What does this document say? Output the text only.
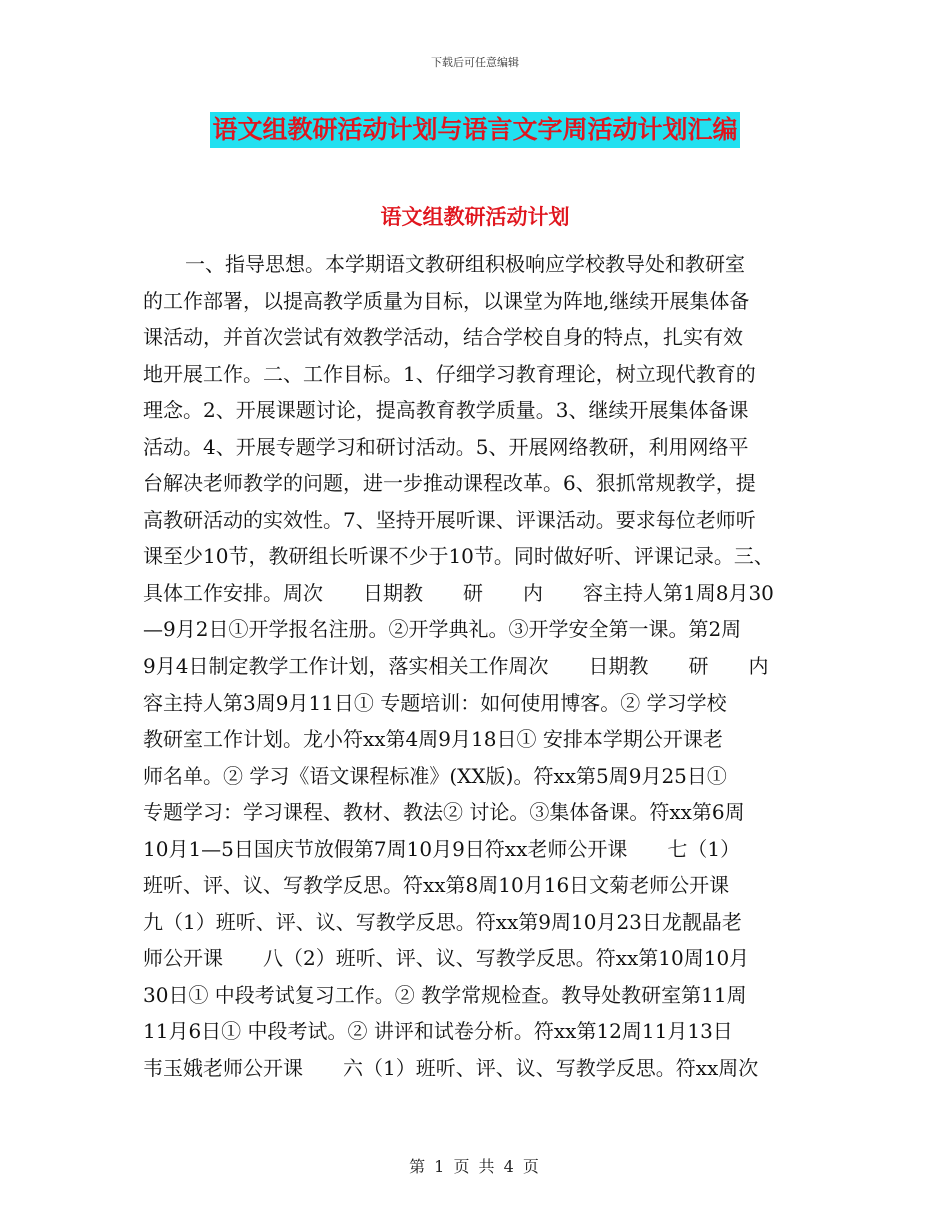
下载后可任意编辑
语文组教研活动计划与语言文字周活动计划汇编
语文组教研活动计划
一、指导思想。本学期语文教研组积极响应学校教导处和教研室
的工作部署，以提高教学质量为目标，以课堂为阵地,继续开展集体备
课活动，并首次尝试有效教学活动，结合学校自身的特点，扎实有效
地开展工作。二、工作目标。1、仔细学习教育理论，树立现代教育的
理念。2、开展课题讨论，提高教育教学质量。3、继续开展集体备课
活动。4、开展专题学习和研讨活动。5、开展网络教研，利用网络平
台解决老师教学的问题，进一步推动课程改革。6、狠抓常规教学，提
高教研活动的实效性。7、坚持开展听课、评课活动。要求每位老师听
课至少10节，教研组长听课不少于10节。同时做好听、评课记录。三、
具体工作安排。周次　　日期教　　研　　内　　容主持人第1周8月30
—9月2日①开学报名注册。②开学典礼。③开学安全第一课。第2周
9月4日制定教学工作计划，落实相关工作周次　　日期教　　研　　内
容主持人第3周9月11日① 专题培训：如何使用博客。② 学习学校
教研室工作计划。龙小符xx第4周9月18日① 安排本学期公开课老
师名单。② 学习《语文课程标准》(XX版)。符xx第5周9月25日①
专题学习：学习课程、教材、教法② 讨论。③集体备课。符xx第6周
10月1—5日国庆节放假第7周10月9日符xx老师公开课　　七（1）
班听、评、议、写教学反思。符xx第8周10月16日文菊老师公开课
九（1）班听、评、议、写教学反思。符xx第9周10月23日龙靓晶老
师公开课　　八（2）班听、评、议、写教学反思。符xx第10周10月
30日① 中段考试复习工作。② 教学常规检查。教导处教研室第11周
11月6日① 中段考试。② 讲评和试卷分析。符xx第12周11月13日
韦玉娥老师公开课　　六（1）班听、评、议、写教学反思。符xx周次
第 1 页 共 4 页
